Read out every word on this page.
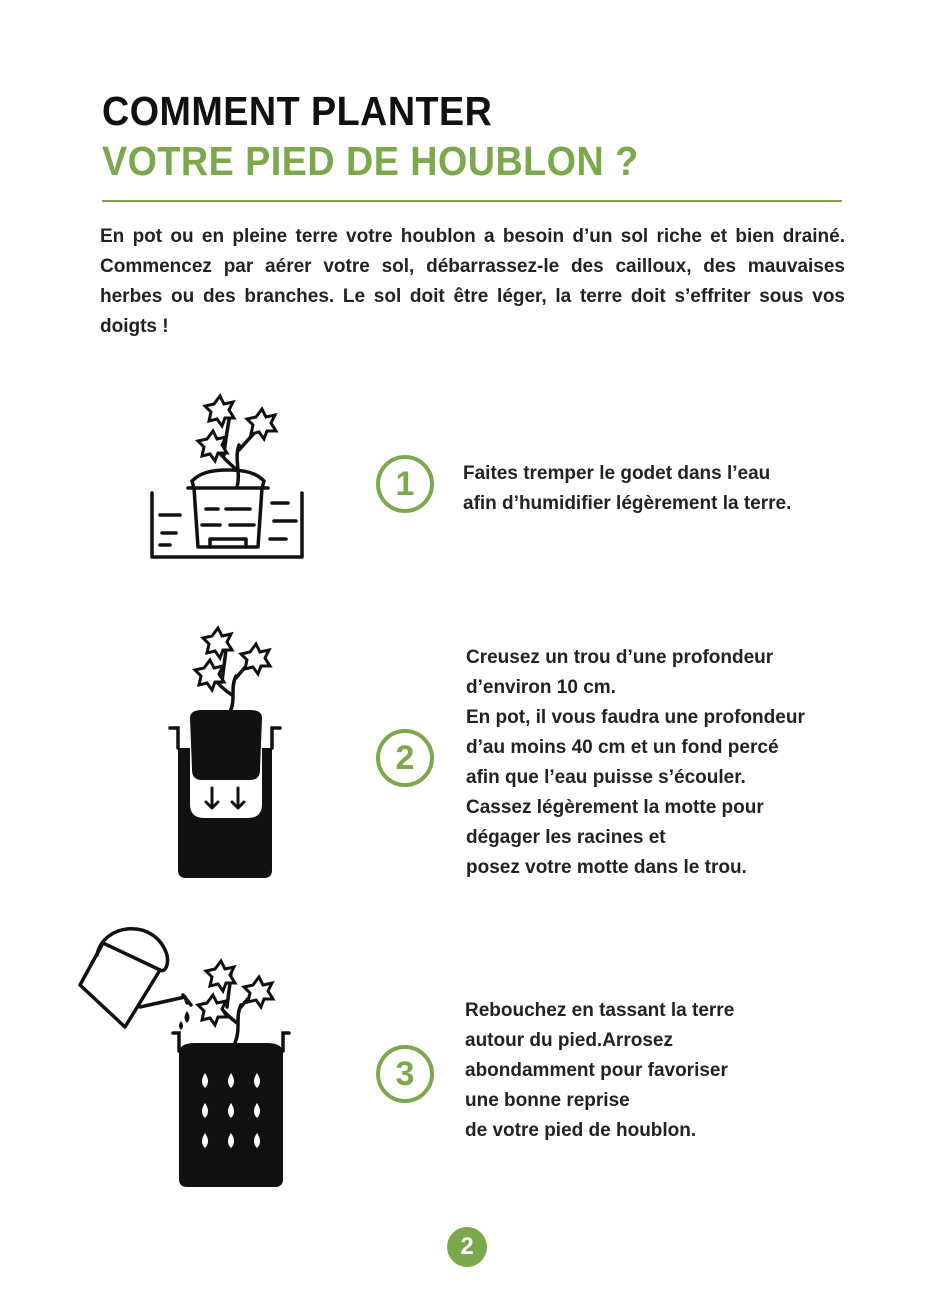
COMMENT PLANTER
VOTRE PIED DE HOUBLON ?
En pot ou en pleine terre votre houblon a besoin d’un sol riche et bien drainé. Commencez par aérer votre sol, débarrassez-le des cailloux, des mauvaises herbes ou des branches. Le sol doit être léger, la terre doit s’effriter sous vos doigts !
1	Faites tremper le godet dans l’eau
afin d’humidifier légèrement la terre.
2
Creusez un trou d’une profondeur
d’environ 10 cm.
En pot, il vous faudra une profondeur
d’au moins 40 cm et un fond percé
afin que l’eau puisse s’écouler.
Cassez légèrement la motte pour
dégager les racines et
posez votre motte dans le trou.
3
Rebouchez en tassant la terre
autour du pied.Arrosez
abondamment pour favoriser
une bonne reprise
de votre pied de houblon.
2
